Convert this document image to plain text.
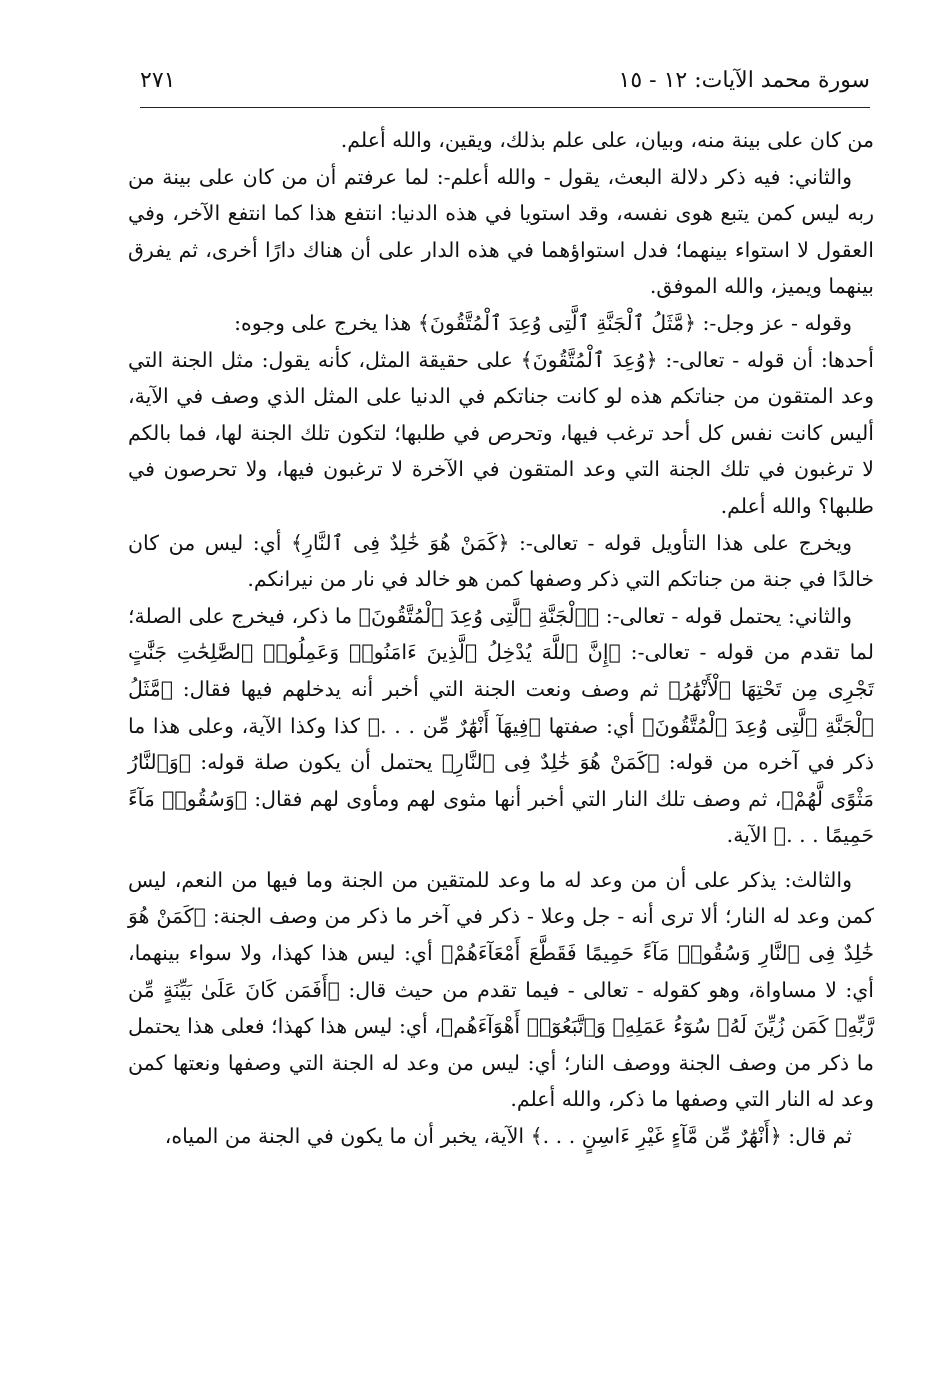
سورة محمد الآيات: ١٢ - ١٥
٢٧١

من كان على بينة منه، وبيان، على علم بذلك، ويقين، والله أعلم.

والثاني: فيه ذكر دلالة البعث، يقول - والله أعلم-: لما عرفتم أن من كان على بينة من ربه ليس كمن يتبع هوى نفسه، وقد استويا في هذه الدنيا: انتفع هذا كما انتفع الآخر، وفي العقول لا استواء بينهما؛ فدل استواؤهما في هذه الدار على أن هناك دارًا أخرى، ثم يفرق بينهما ويميز، والله الموفق.

وقوله - عز وجل-: ﴿مَّثَلُ ٱلْجَنَّةِ ٱلَّتِى وُعِدَ ٱلْمُتَّقُونَ﴾ هذا يخرج على وجوه:

أحدها: أن قوله - تعالى-: ﴿وُعِدَ ٱلْمُتَّقُونَ﴾ على حقيقة المثل، كأنه يقول: مثل الجنة التي وعد المتقون من جناتكم هذه لو كانت جناتكم في الدنيا على المثل الذي وصف في الآية، أليس كانت نفس كل أحد ترغب فيها، وتحرص في طلبها؛ لتكون تلك الجنة لها، فما بالكم لا ترغبون في تلك الجنة التي وعد المتقون في الآخرة لا ترغبون فيها، ولا تحرصون في طلبها؟ والله أعلم.

ويخرج على هذا التأويل قوله - تعالى-: ﴿كَمَنْ هُوَ خَٰلِدٌ فِى ٱلنَّارِ﴾ أي: ليس من كان خالدًا في جنة من جناتكم التي ذكر وصفها كمن هو خالد في نار من نيرانكم.

والثاني: يحتمل قوله - تعالى-: ﴿ٱلْجَنَّةِ ٱلَّتِى وُعِدَ ٱلْمُتَّقُونَ﴾ ما ذكر، فيخرج على الصلة؛ لما تقدم من قوله - تعالى-: ﴿إِنَّ ٱللَّهَ يُدْخِلُ ٱلَّذِينَ ءَامَنُوا۟ وَعَمِلُوا۟ ٱلصَّٰلِحَٰتِ جَنَّٰتٍ تَجْرِى مِن تَحْتِهَا ٱلْأَنْهَٰرُ﴾ ثم وصف ونعت الجنة التي أخبر أنه يدخلهم فيها فقال: ﴿مَّثَلُ ٱلْجَنَّةِ ٱلَّتِى وُعِدَ ٱلْمُتَّقُونَ﴾ أي: صفتها ﴿فِيهَآ أَنْهَٰرٌ مِّن . . .﴾ كذا وكذا الآية، وعلى هذا ما ذكر في آخره من قوله: ﴿كَمَنْ هُوَ خَٰلِدٌ فِى ٱلنَّارِ﴾ يحتمل أن يكون صلة قوله: ﴿وَٱلنَّارُ مَثْوًى لَّهُمْ﴾، ثم وصف تلك النار التي أخبر أنها مثوى لهم ومأوى لهم فقال: ﴿وَسُقُوا۟ مَآءً حَمِيمًا . . .﴾ الآية.

والثالث: يذكر على أن من وعد له ما وعد للمتقين من الجنة وما فيها من النعم، ليس كمن وعد له النار؛ ألا ترى أنه - جل وعلا - ذكر في آخر ما ذكر من وصف الجنة: ﴿كَمَنْ هُوَ خَٰلِدٌ فِى ٱلنَّارِ وَسُقُوا۟ مَآءً حَمِيمًا فَقَطَّعَ أَمْعَآءَهُمْ﴾ أي: ليس هذا كهذا، ولا سواء بينهما، أي: لا مساواة، وهو كقوله - تعالى - فيما تقدم من حيث قال: ﴿أَفَمَن كَانَ عَلَىٰ بَيِّنَةٍ مِّن رَّبِّهِۦ كَمَن زُيِّنَ لَهُۥ سُوٓءُ عَمَلِهِۦ وَٱتَّبَعُوٓا۟ أَهْوَآءَهُم﴾، أي: ليس هذا كهذا؛ فعلى هذا يحتمل ما ذكر من وصف الجنة ووصف النار؛ أي: ليس من وعد له الجنة التي وصفها ونعتها كمن وعد له النار التي وصفها ما ذكر، والله أعلم.

ثم قال: ﴿أَنْهَٰرٌ مِّن مَّآءٍ غَيْرِ ءَاسِنٍ . . .﴾ الآية، يخبر أن ما يكون في الجنة من المياه،
